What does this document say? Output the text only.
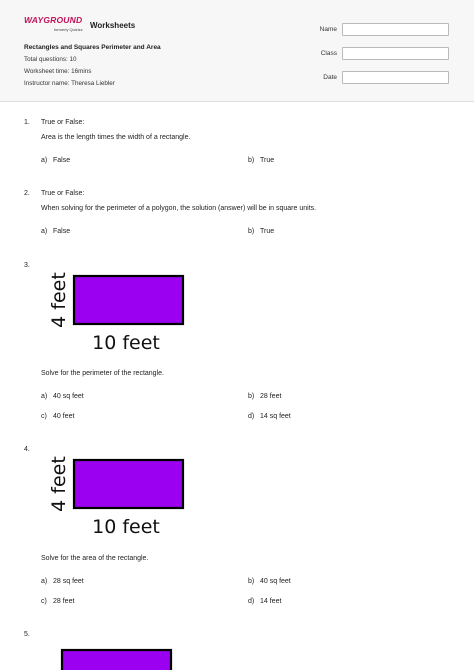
WAYGROUND
formerly Quizizz Worksheets
Rectangles and Squares Perimeter and Area
Total questions: 10
Worksheet time: 16mins
Instructor name: Theresa Liebler
Name
Class
Date
1. True or False:
Area is the length times the width of a rectangle.
a) False	b) True
2. True or False:
When solving for the perimeter of a polygon, the solution (answer) will be in square units.
a) False	b) True
3.
4 feet
10 feet
Solve for the perimeter of the rectangle.
a) 40 sq feet	b) 28 feet
c) 40 feet	d) 14 sq feet
4.
4 feet
10 feet
Solve for the area of the rectangle.
a) 28 sq feet	b) 40 sq feet
c) 28 feet	d) 14 feet
5.
